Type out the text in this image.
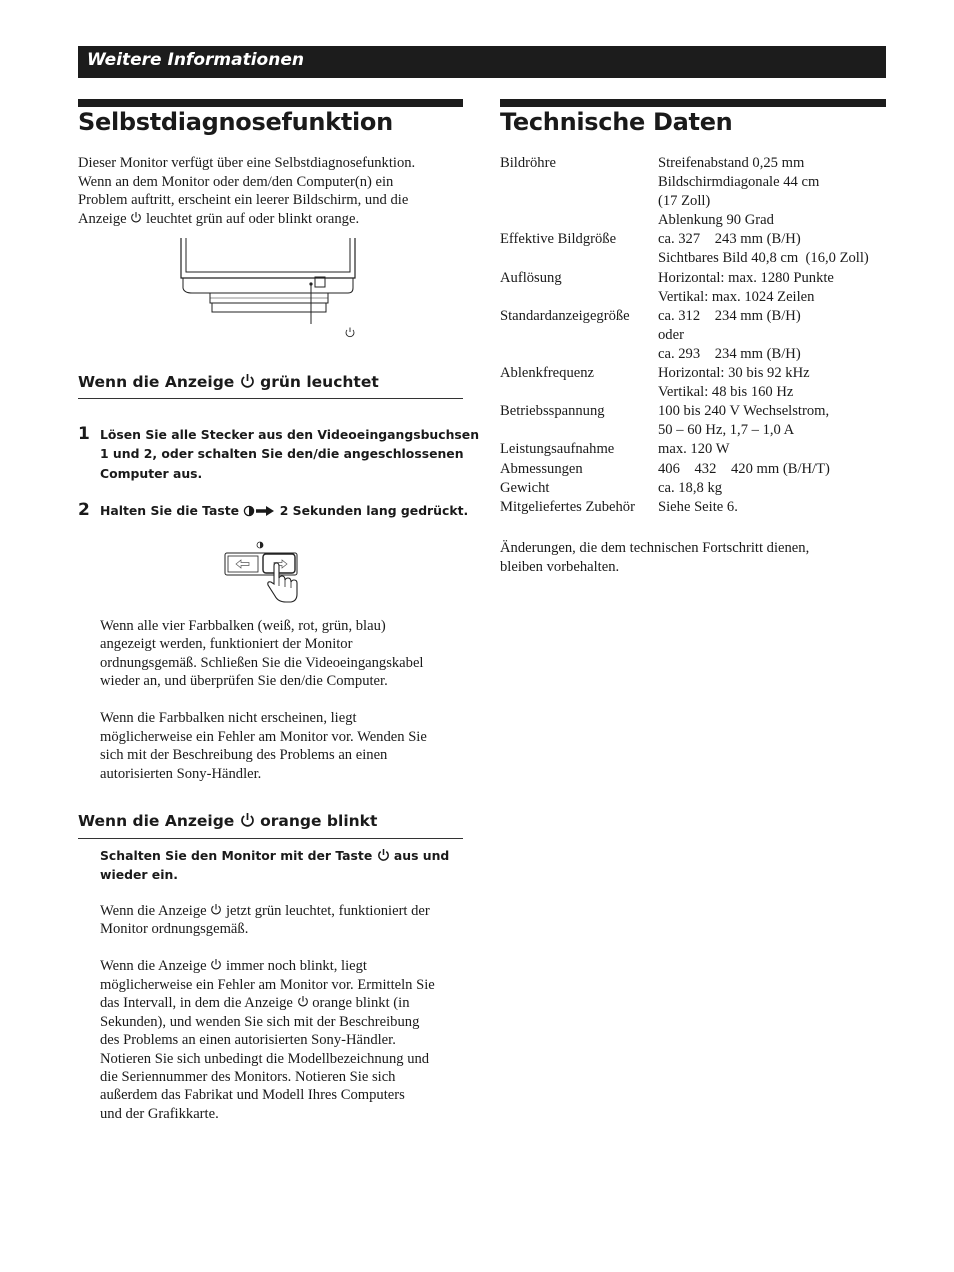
Weitere Informationen
Selbstdiagnosefunktion

Dieser Monitor verfügt über eine Selbstdiagnosefunktion.

Wenn an dem Monitor oder dem/den Computer(n) ein

Problem auftritt, erscheint ein leerer Bildschirm, und die

Anzeige leuchtet grün auf oder blinkt orange.

Wenn die Anzeige grün leuchtet
1 Lösen Sie alle Stecker aus den Videoeingangsbuchsen

1 und 2, oder schalten Sie den/die angeschlossenen

Computer aus.

2 Halten Sie die Taste	2 Sekunden lang gedrückt.

Wenn alle vier Farbbalken (weiß, rot, grün, blau)

angezeigt werden, funktioniert der Monitor

ordnungsgemäß. Schließen Sie die Videoeingangskabel

wieder an, und überprüfen Sie den/die Computer.

Wenn die Farbbalken nicht erscheinen, liegt

möglicherweise ein Fehler am Monitor vor. Wenden Sie

sich mit der Beschreibung des Problems an einen

autorisierten Sony-Händler.

Wenn die Anzeige orange blinkt

Schalten Sie den Monitor mit der Taste aus und

wieder ein.

Wenn die Anzeige jetzt grün leuchtet, funktioniert der

Monitor ordnungsgemäß.

Wenn die Anzeige immer noch blinkt, liegt

möglicherweise ein Fehler am Monitor vor. Ermitteln Sie

das Intervall, in dem die Anzeige orange blinkt (in

Sekunden), und wenden Sie sich mit der Beschreibung

des Problems an einen autorisierten Sony-Händler.

Notieren Sie sich unbedingt die Modellbezeichnung und

die Seriennummer des Monitors. Notieren Sie sich

außerdem das Fabrikat und Modell Ihres Computers

und der Grafikkarte.

Technische Daten
Bildröhre	Streifenabstand 0,25 mm
	Bildschirmdiagonale 44 cm
	(17 Zoll)
	Ablenkung 90 Grad
Effektive Bildgröße	ca. 327    243 mm (B/H)
	Sichtbares Bild 40,8 cm  (16,0 Zoll)
Auflösung	Horizontal: max. 1280 Punkte
	Vertikal: max. 1024 Zeilen
Standardanzeigegröße	ca. 312    234 mm (B/H)
	oder
	ca. 293    234 mm (B/H)
Ablenkfrequenz	Horizontal: 30 bis 92 kHz
	Vertikal: 48 bis 160 Hz
Betriebsspannung	100 bis 240 V Wechselstrom,
	50 – 60 Hz, 1,7 – 1,0 A
Leistungsaufnahme	max. 120 W
Abmessungen	406    432    420 mm (B/H/T)
Gewicht	ca. 18,8 kg
Mitgeliefertes Zubehör	Siehe Seite 6.

Änderungen, die dem technischen Fortschritt dienen,

bleiben vorbehalten.
